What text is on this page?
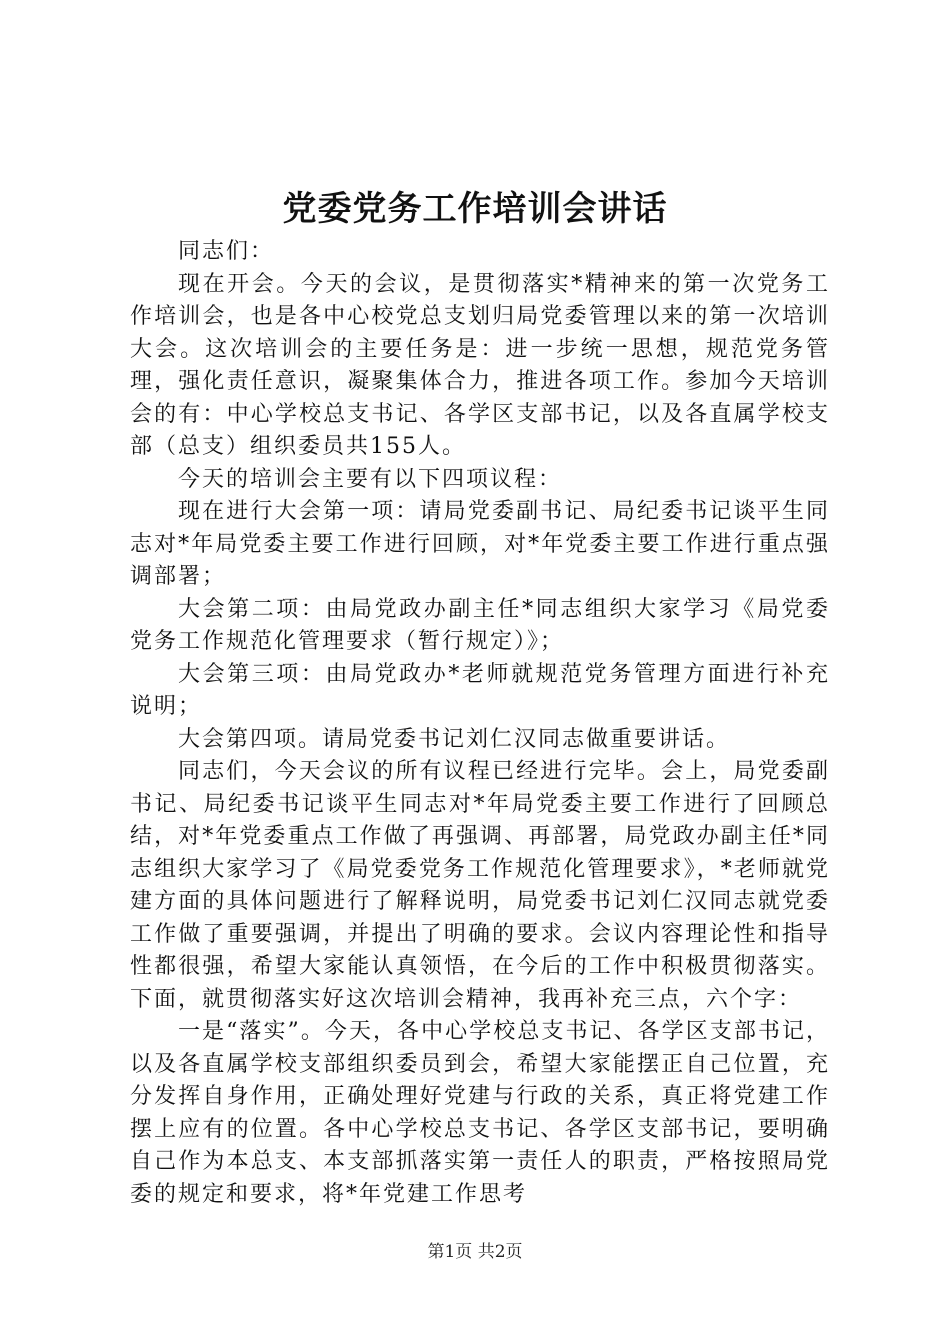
党委党务工作培训会讲话

同志们：

现在开会。今天的会议，是贯彻落实*精神来的第一次党务工作培训会，也是各中心校党总支划归局党委管理以来的第一次培训大会。这次培训会的主要任务是：进一步统一思想，规范党务管理，强化责任意识，凝聚集体合力，推进各项工作。参加今天培训会的有：中心学校总支书记、各学区支部书记，以及各直属学校支部（总支）组织委员共155人。

今天的培训会主要有以下四项议程：

现在进行大会第一项：请局党委副书记、局纪委书记谈平生同志对*年局党委主要工作进行回顾，对*年党委主要工作进行重点强调部署；

大会第二项：由局党政办副主任*同志组织大家学习《局党委党务工作规范化管理要求（暂行规定）》；

大会第三项：由局党政办*老师就规范党务管理方面进行补充说明；

大会第四项。请局党委书记刘仁汉同志做重要讲话。

同志们，今天会议的所有议程已经进行完毕。会上，局党委副书记、局纪委书记谈平生同志对*年局党委主要工作进行了回顾总结，对*年党委重点工作做了再强调、再部署，局党政办副主任*同志组织大家学习了《局党委党务工作规范化管理要求》，*老师就党建方面的具体问题进行了解释说明，局党委书记刘仁汉同志就党委工作做了重要强调，并提出了明确的要求。会议内容理论性和指导性都很强，希望大家能认真领悟，在今后的工作中积极贯彻落实。下面，就贯彻落实好这次培训会精神，我再补充三点，六个字：

一是“落实”。今天，各中心学校总支书记、各学区支部书记，以及各直属学校支部组织委员到会，希望大家能摆正自己位置，充分发挥自身作用，正确处理好党建与行政的关系，真正将党建工作摆上应有的位置。各中心学校总支书记、各学区支部书记，要明确自己作为本总支、本支部抓落实第一责任人的职责，严格按照局党委的规定和要求，将*年党建工作思考

第1页 共2页
